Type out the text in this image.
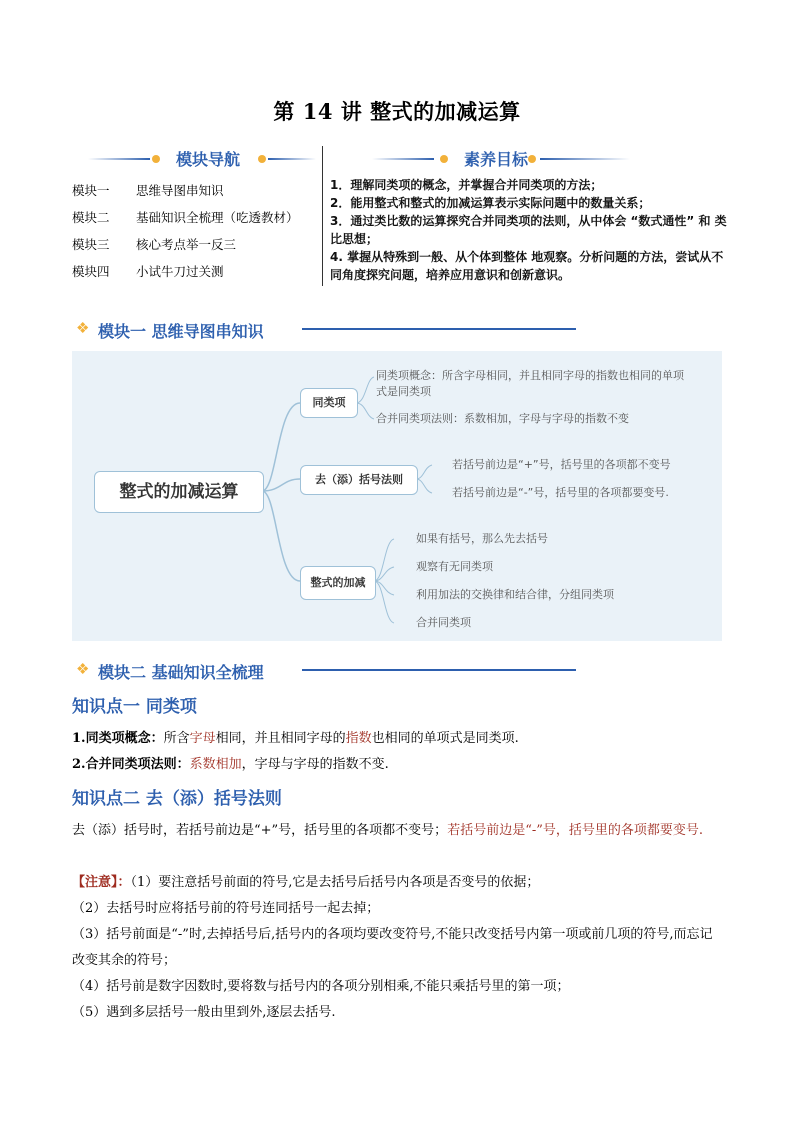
第 14 讲 整式的加减运算
模块导航
模块一 思维导图串知识
模块二 基础知识全梳理（吃透教材）
模块三 核心考点举一反三
模块四 小试牛刀过关测
素养目标
1．理解同类项的概念，并掌握合并同类项的方法；
2．能用整式和整式的加减运算表示实际问题中的数量关系；
3．通过类比数的运算探究合并同类项的法则，从中体会 “数式通性” 和 类比思想；
4. 掌握从特殊到一般、从个体到整体 地观察。分析问题的方法，尝试从不同角度探究问题，培养应用意识和创新意识。
❖ 模块一 思维导图串知识
整式的加减运算
同类项
去（添）括号法则
整式的加减
同类项概念：所含字母相同，并且相同字母的指数也相同的单项式是同类项
合并同类项法则：系数相加，字母与字母的指数不变
若括号前边是“+”号，括号里的各项都不变号
若括号前边是“-”号，括号里的各项都要变号.
如果有括号，那么先去括号
观察有无同类项
利用加法的交换律和结合律，分组同类项
合并同类项
❖ 模块二 基础知识全梳理
知识点一 同类项
1.同类项概念：所含字母相同，并且相同字母的指数也相同的单项式是同类项.
2.合并同类项法则：系数相加，字母与字母的指数不变.
知识点二 去（添）括号法则
去（添）括号时，若括号前边是“+”号，括号里的各项都不变号；若括号前边是“-”号，括号里的各项都要变号.
【注意】：（1）要注意括号前面的符号,它是去括号后括号内各项是否变号的依据；
（2）去括号时应将括号前的符号连同括号一起去掉；
（3）括号前面是“-”时,去掉括号后,括号内的各项均要改变符号,不能只改变括号内第一项或前几项的符号,而忘记改变其余的符号；
（4）括号前是数字因数时,要将数与括号内的各项分别相乘,不能只乘括号里的第一项；
（5）遇到多层括号一般由里到外,逐层去括号.
